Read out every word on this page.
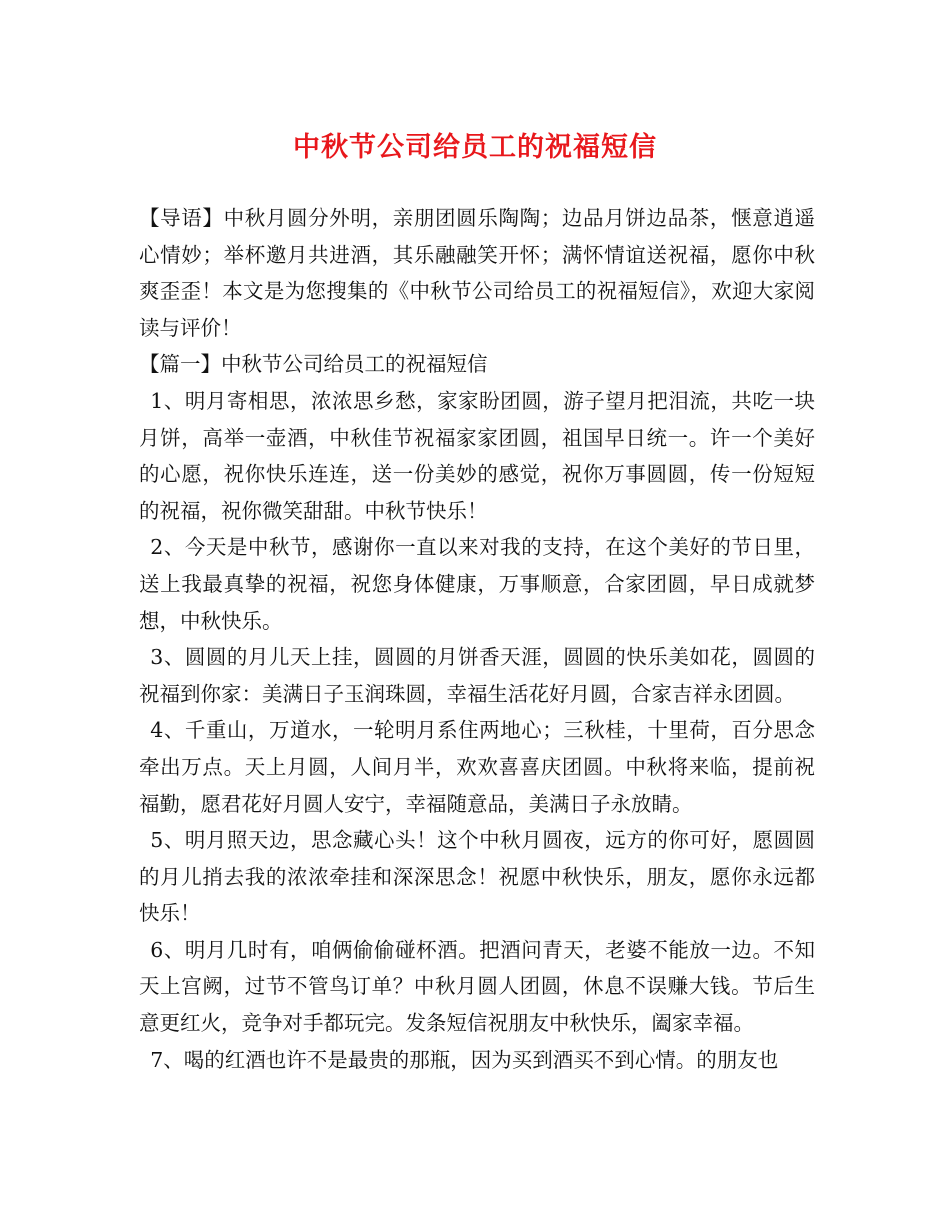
中秋节公司给员工的祝福短信

【导语】中秋月圆分外明，亲朋团圆乐陶陶；边品月饼边品茶，惬意逍遥心情妙；举杯邀月共进酒，其乐融融笑开怀；满怀情谊送祝福，愿你中秋爽歪歪！本文是为您搜集的《中秋节公司给员工的祝福短信》，欢迎大家阅读与评价！

【篇一】中秋节公司给员工的祝福短信

1、明月寄相思，浓浓思乡愁，家家盼团圆，游子望月把泪流，共吃一块月饼，高举一壶酒，中秋佳节祝福家家团圆，祖国早日统一。许一个美好的心愿，祝你快乐连连，送一份美妙的感觉，祝你万事圆圆，传一份短短的祝福，祝你微笑甜甜。中秋节快乐！

2、今天是中秋节，感谢你一直以来对我的支持，在这个美好的节日里，送上我最真挚的祝福，祝您身体健康，万事顺意，合家团圆，早日成就梦想，中秋快乐。

3、圆圆的月儿天上挂，圆圆的月饼香天涯，圆圆的快乐美如花，圆圆的祝福到你家：美满日子玉润珠圆，幸福生活花好月圆，合家吉祥永团圆。

4、千重山，万道水，一轮明月系住两地心；三秋桂，十里荷，百分思念牵出万点。天上月圆，人间月半，欢欢喜喜庆团圆。中秋将来临，提前祝福勤，愿君花好月圆人安宁，幸福随意品，美满日子永放睛。

5、明月照天边，思念藏心头！这个中秋月圆夜，远方的你可好，愿圆圆的月儿捎去我的浓浓牵挂和深深思念！祝愿中秋快乐，朋友，愿你永远都快乐！

6、明月几时有，咱俩偷偷碰杯酒。把酒问青天，老婆不能放一边。不知天上宫阙，过节不管鸟订单？中秋月圆人团圆，休息不误赚大钱。节后生意更红火，竞争对手都玩完。发条短信祝朋友中秋快乐，阖家幸福。

7、喝的红酒也许不是最贵的那瓶，因为买到酒买不到心情。的朋友也
